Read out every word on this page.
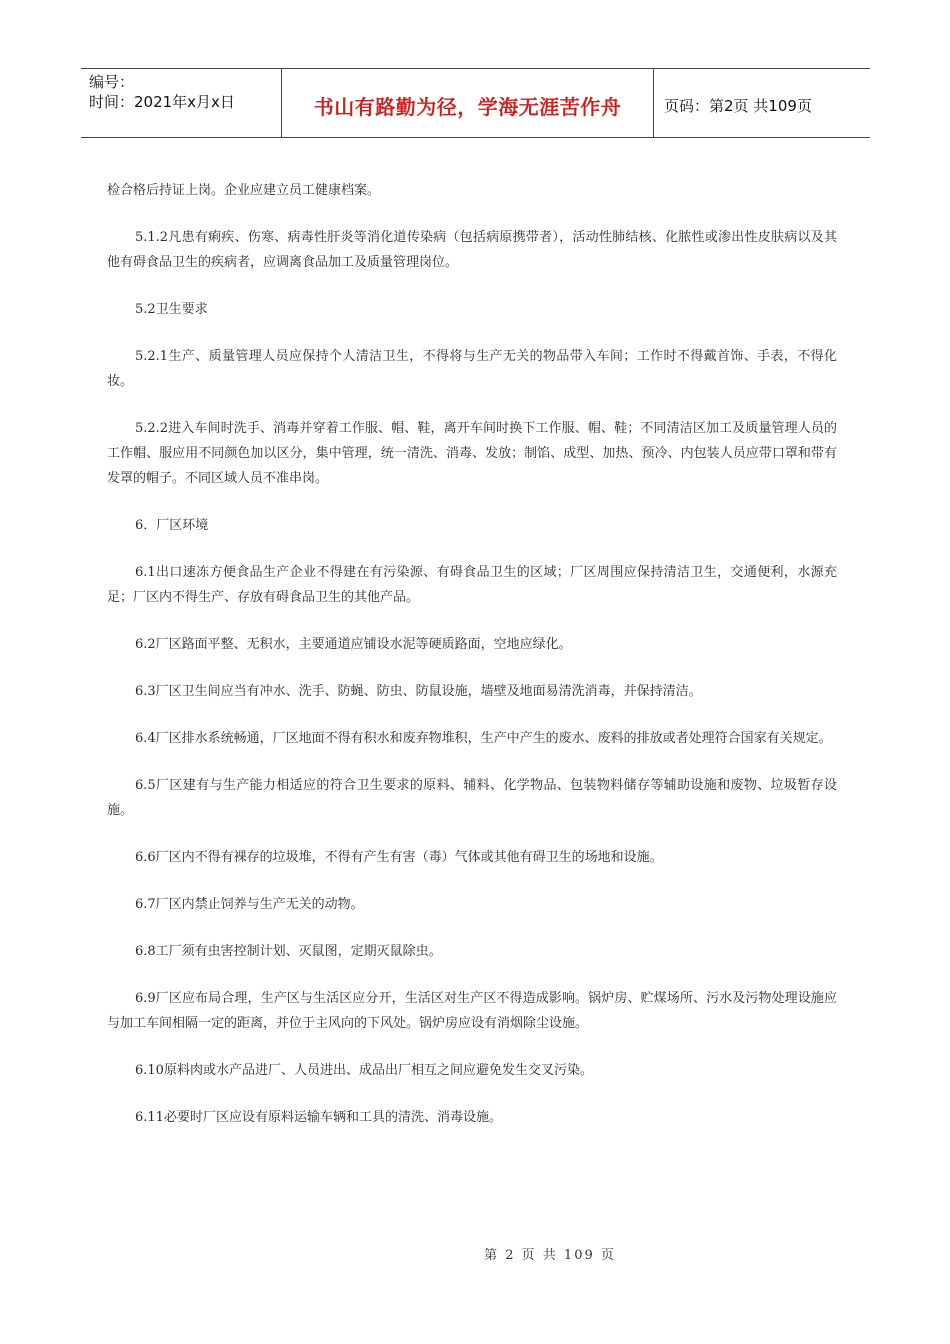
编号：
时间：2021年x月x日	书山有路勤为径，学海无涯苦作舟	页码：第2页 共109页

检合格后持证上岗。企业应建立员工健康档案。

5.1.2凡患有痢疾、伤寒、病毒性肝炎等消化道传染病（包括病原携带者），活动性肺结核、化脓性或渗出性皮肤病以及其他有碍食品卫生的疾病者，应调离食品加工及质量管理岗位。

5.2卫生要求

5.2.1生产、质量管理人员应保持个人清洁卫生，不得将与生产无关的物品带入车间；工作时不得戴首饰、手表，不得化妆。

5.2.2进入车间时洗手、消毒并穿着工作服、帽、鞋，离开车间时换下工作服、帽、鞋；不同清洁区加工及质量管理人员的工作帽、服应用不同颜色加以区分，集中管理，统一清洗、消毒、发放；制馅、成型、加热、预冷、内包装人员应带口罩和带有发罩的帽子。不同区域人员不准串岗。

6．厂区环境

6.1出口速冻方便食品生产企业不得建在有污染源、有碍食品卫生的区域；厂区周围应保持清洁卫生，交通便利，水源充足；厂区内不得生产、存放有碍食品卫生的其他产品。

6.2厂区路面平整、无积水，主要通道应铺设水泥等硬质路面，空地应绿化。

6.3厂区卫生间应当有冲水、洗手、防蝇、防虫、防鼠设施，墙壁及地面易清洗消毒，并保持清洁。

6.4厂区排水系统畅通，厂区地面不得有积水和废弃物堆积，生产中产生的废水、废料的排放或者处理符合国家有关规定。

6.5厂区建有与生产能力相适应的符合卫生要求的原料、辅料、化学物品、包装物料储存等辅助设施和废物、垃圾暂存设施。

6.6厂区内不得有裸存的垃圾堆，不得有产生有害（毒）气体或其他有碍卫生的场地和设施。

6.7厂区内禁止饲养与生产无关的动物。

6.8工厂须有虫害控制计划、灭鼠图，定期灭鼠除虫。

6.9厂区应布局合理，生产区与生活区应分开，生活区对生产区不得造成影响。锅炉房、贮煤场所、污水及污物处理设施应与加工车间相隔一定的距离，并位于主风向的下风处。锅炉房应设有消烟除尘设施。

6.10原料肉或水产品进厂、人员进出、成品出厂相互之间应避免发生交叉污染。

6.11必要时厂区应设有原料运输车辆和工具的清洗、消毒设施。

第 2 页 共 109 页
